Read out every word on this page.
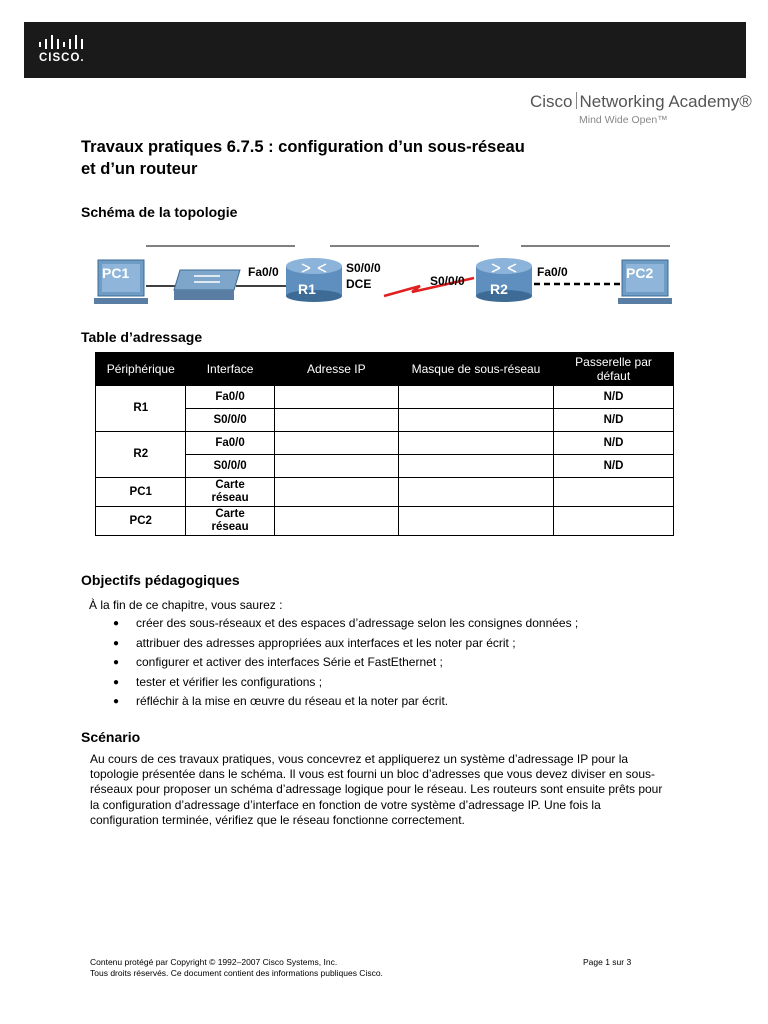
CISCO.
Cisco Networking Academy®
Mind Wide Open™
Travaux pratiques 6.7.5 : configuration d’un sous-réseau
et d’un routeur
Schéma de la topologie
PC1	Fa0/0
R1
S0/0/0
DCE	S0/0/0 R2
Fa0/0	PC2
Table d’adressage
Périphérique	Interface	Adresse IP	Masque de sous-réseau	Passerelle par défaut
R1	Fa0/0			N/D
	S0/0/0			N/D
R2	Fa0/0			N/D
	S0/0/0			N/D
PC1	Carte réseau			
PC2	Carte réseau			
Objectifs pédagogiques
À la fin de ce chapitre, vous saurez :
● créer des sous-réseaux et des espaces d’adressage selon les consignes données ;
● attribuer des adresses appropriées aux interfaces et les noter par écrit ;
● configurer et activer des interfaces Série et FastEthernet ;
● tester et vérifier les configurations ;
● réfléchir à la mise en œuvre du réseau et la noter par écrit.
Scénario
Au cours de ces travaux pratiques, vous concevrez et appliquerez un système d’adressage IP pour la topologie présentée dans le schéma. Il vous est fourni un bloc d’adresses que vous devez diviser en sous-réseaux pour proposer un schéma d’adressage logique pour le réseau. Les routeurs sont ensuite prêts pour la configuration d’adressage d’interface en fonction de votre système d’adressage IP. Une fois la configuration terminée, vérifiez que le réseau fonctionne correctement.
Contenu protégé par Copyright © 1992–2007 Cisco Systems, Inc.
Tous droits réservés. Ce document contient des informations publiques Cisco.
Page 1 sur 3
